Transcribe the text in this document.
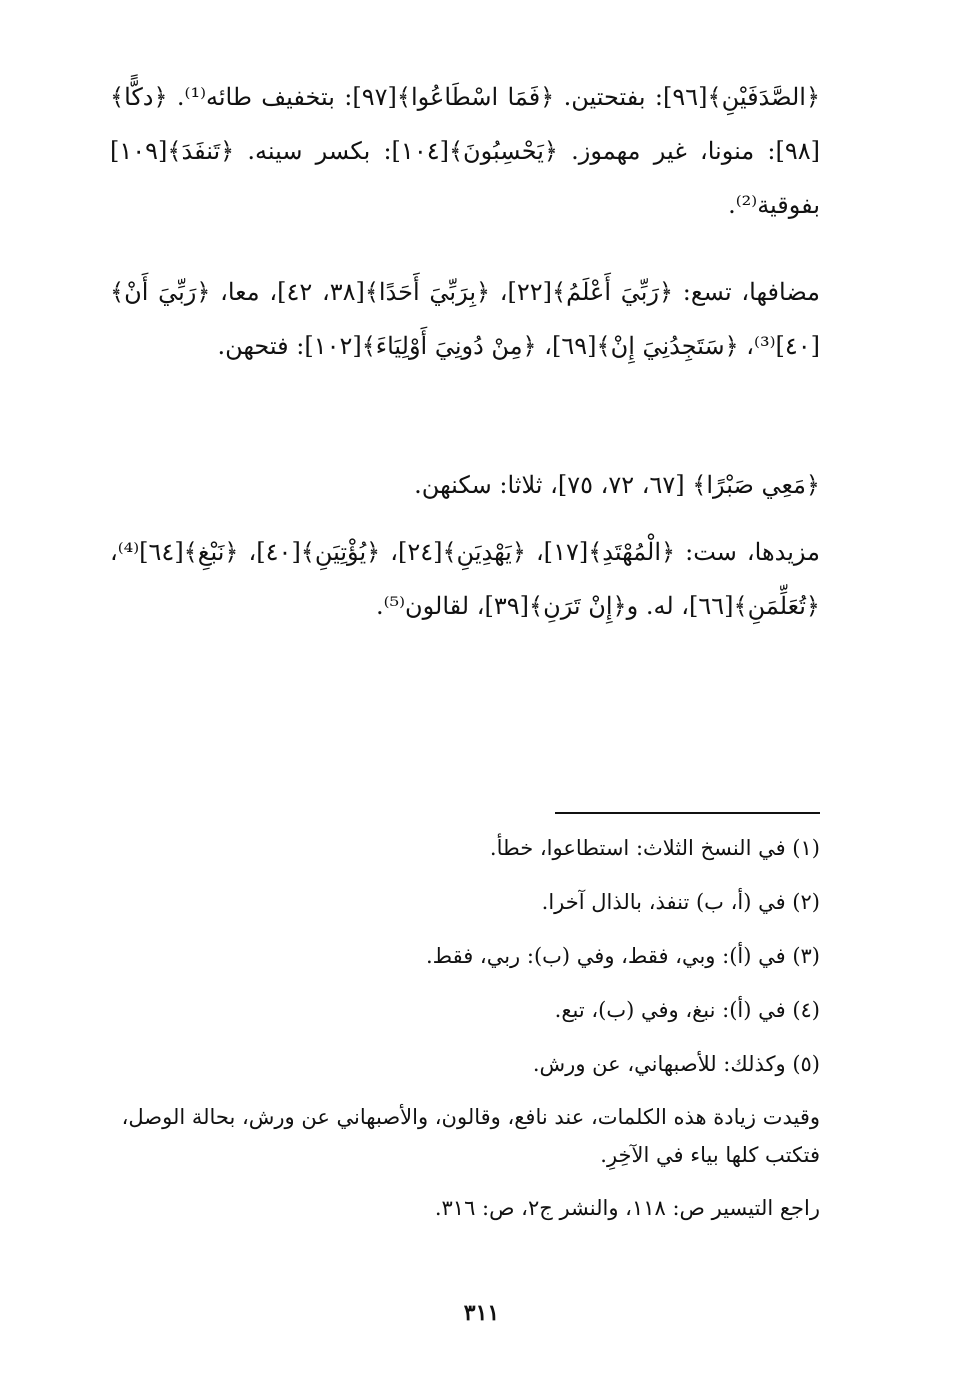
﴿الصَّدَفَيْنِ﴾[٩٦]: بفتحتين. ﴿فَمَا اسْطَاعُوا﴾[٩٧]: بتخفيف طائه⁽¹⁾. ﴿دكًّا﴾[٩٨]: منونا، غير مهموز. ﴿يَحْسِبُونَ﴾[١٠٤]: بكسر سينه. ﴿تَنفَدَ﴾[١٠٩] بفوقية⁽²⁾.

مضافها، تسع: ﴿رَبِّيَ أَعْلَمُ﴾[٢٢]، ﴿بِرَبِّيَ أَحَدًا﴾[٣٨، ٤٢]، معا، ﴿رَبِّيَ أَنْ﴾[٤٠]⁽³⁾، ﴿سَتَجِدُنِيَ إِنْ﴾[٦٩]، ﴿مِنْ دُونِيَ أَوْلِيَاءَ﴾[١٠٢]: فتحهن.

﴿مَعِي صَبْرًا﴾ [٦٧، ٧٢، ٧٥]، ثلاثا: سكنهن.

مزيدها، ست: ﴿الْمُهْتَدِ﴾[١٧]، ﴿يَهْدِيَنِ﴾[٢٤]، ﴿يُؤْتِيَنِ﴾[٤٠]، ﴿نَبْغِ﴾[٦٤]⁽⁴⁾، ﴿تُعَلِّمَنِ﴾[٦٦]، له. و﴿إِنْ تَرَنِ﴾[٣٩]، لقالون⁽⁵⁾.

(١) في النسخ الثلاث: استطاعوا، خطأ.

(٢) في (أ، ب) تنفذ، بالذال آخرا.

(٣) في (أ): وبي، فقط، وفي (ب): ربي، فقط.

(٤) في (أ): نبغ، وفي (ب)، تبع.

(٥) وكذلك: للأصبهاني، عن ورش.

وقيدت زيادة هذه الكلمات، عند نافع، وقالون، والأصبهاني عن ورش، بحالة الوصل، فتكتب كلها بياء في الآخِرِ.

راجع التيسير ص: ١١٨، والنشر ج٢، ص: ٣١٦.

٣١١
